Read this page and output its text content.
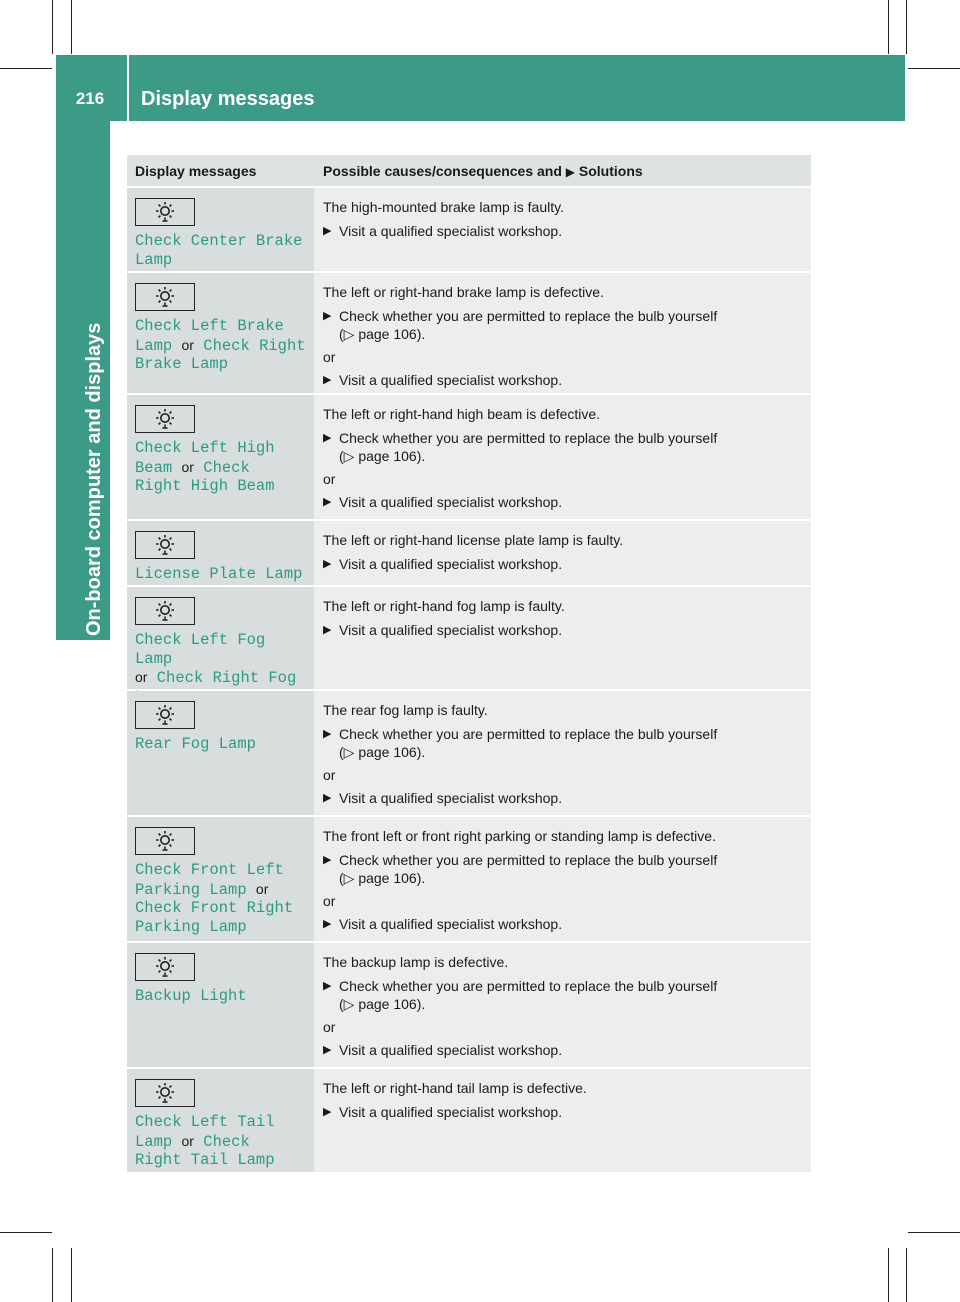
216	Display messages
On-board computer and displays
Display messages	Possible causes/consequences and ▶ Solutions
Check Center Brake
Lamp
The high-mounted brake lamp is faulty.
▶ Visit a qualified specialist workshop.
Check Left Brake
Lamp or Check Right
Brake Lamp
The left or right-hand brake lamp is defective.
▶ Check whether you are permitted to replace the bulb yourself
(▷ page 106).
or
▶ Visit a qualified specialist workshop.
Check Left High
Beam or Check
Right High Beam
The left or right-hand high beam is defective.
▶ Check whether you are permitted to replace the bulb yourself
(▷ page 106).
or
▶ Visit a qualified specialist workshop.
License Plate Lamp
The left or right-hand license plate lamp is faulty.
▶ Visit a qualified specialist workshop.
Check Left Fog Lamp
or Check Right Fog

The left or right-hand fog lamp is faulty.
▶ Visit a qualified specialist workshop.
Rear Fog Lamp
The rear fog lamp is faulty.
▶ Check whether you are permitted to replace the bulb yourself
(▷ page 106).
or
▶ Visit a qualified specialist workshop.
Check Front Left
Parking Lamp or
Check Front Right
Parking Lamp
The front left or front right parking or standing lamp is defective.
▶ Check whether you are permitted to replace the bulb yourself
(▷ page 106).
or
▶ Visit a qualified specialist workshop.
Backup Light
The backup lamp is defective.
▶ Check whether you are permitted to replace the bulb yourself
(▷ page 106).
or
▶ Visit a qualified specialist workshop.
Check Left Tail
Lamp or Check
Right Tail Lamp
The left or right-hand tail lamp is defective.
▶ Visit a qualified specialist workshop.
